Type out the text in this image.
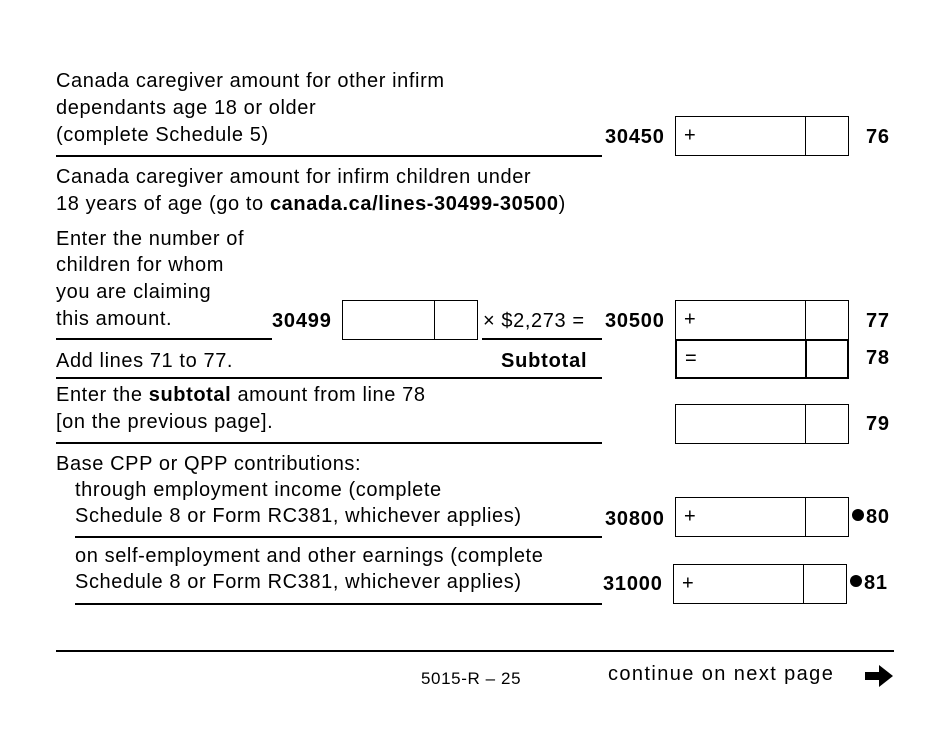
Canada caregiver amount for other infirm
dependants age 18 or older
(complete Schedule 5)	30450 +	76
Canada caregiver amount for infirm children under
18 years of age (go to canada.ca/lines-30499-30500)
Enter the number of
children for whom
you are claiming
this amount.	30499	× $2,273 = 30500 +	77
Add lines 71 to 77.	Subtotal	=	78
Enter the subtotal amount from line 78
[on the previous page].	79
Base CPP or QPP contributions:
through employment income (complete
Schedule 8 or Form RC381, whichever applies)	30800 +	80
on self-employment and other earnings (complete
Schedule 8 or Form RC381, whichever applies)	31000 +	81
5015-R – 25	continue on next page
